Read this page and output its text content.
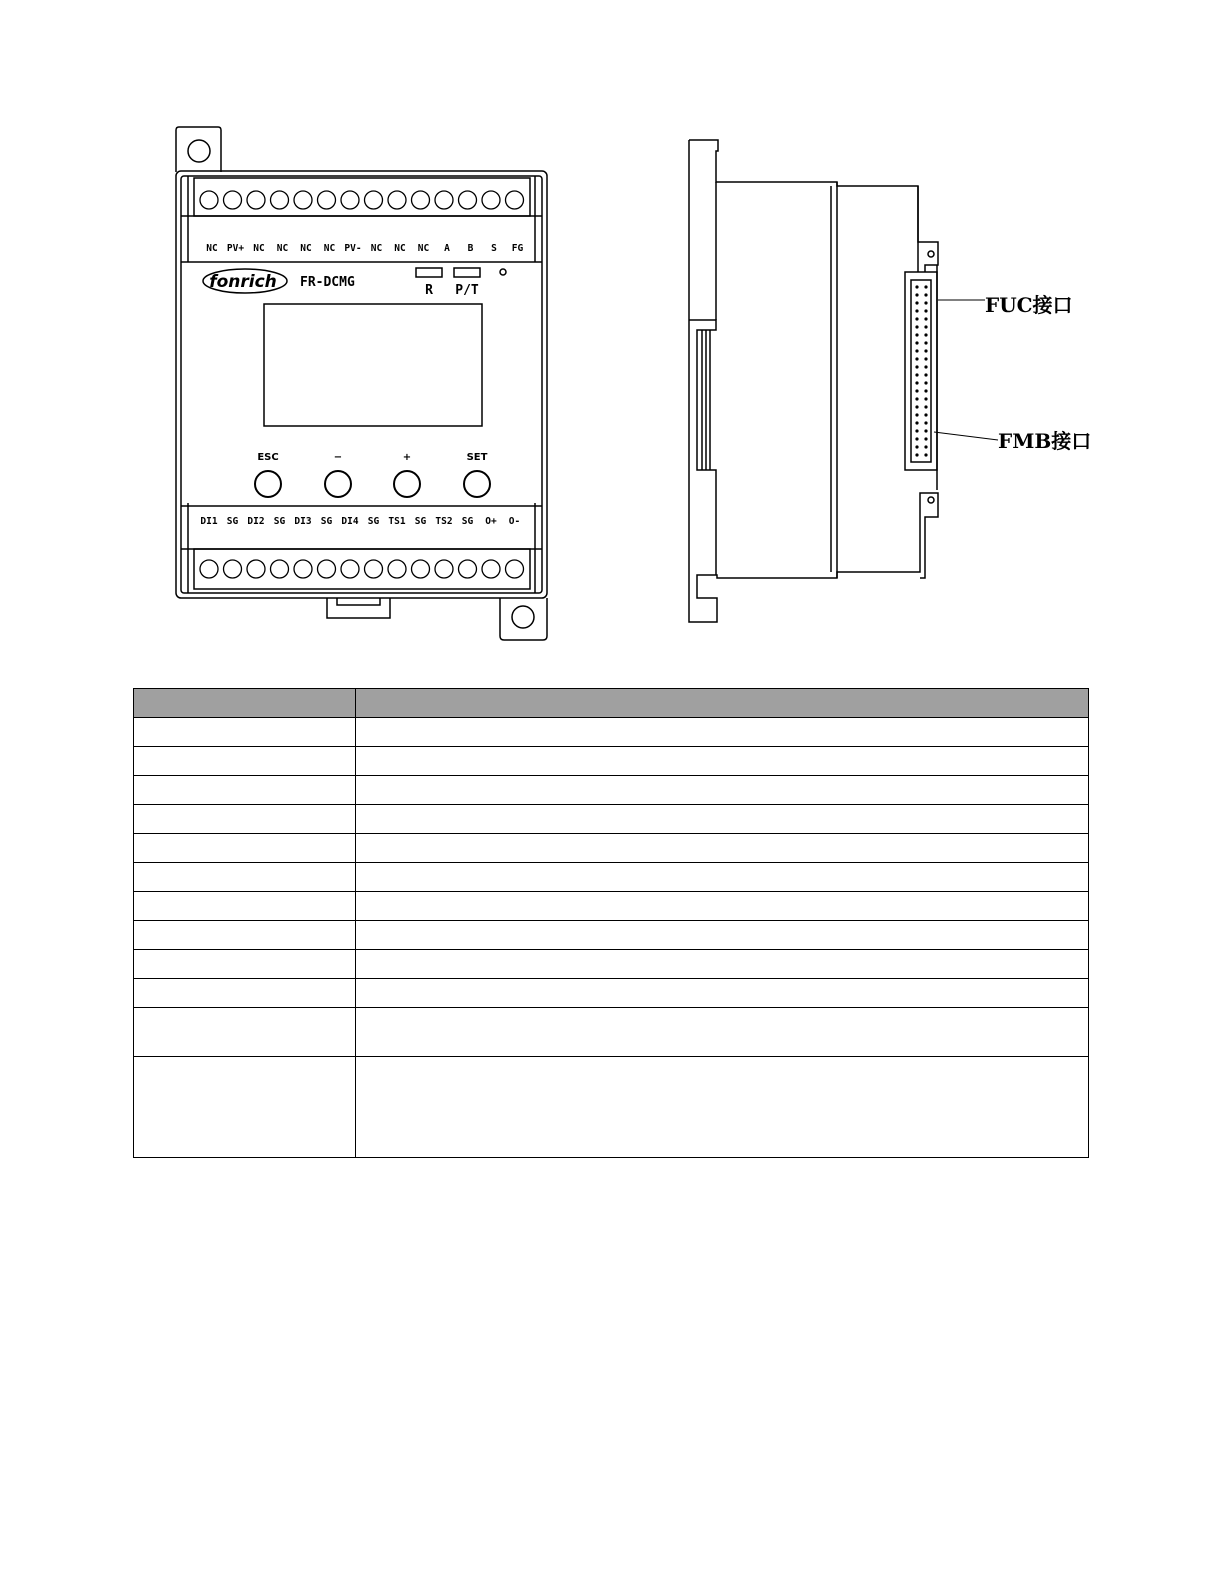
NC PV+ NC NC NC NC PV- NC NC NC A B S FG
DI1 SG DI2 SG DI3 SG DI4 SG TS1 SG TS2 SG O+ O-
fonrich FR-DCMG
R P/T
ESC	−	+	SET
FUC接口
FMB接口
